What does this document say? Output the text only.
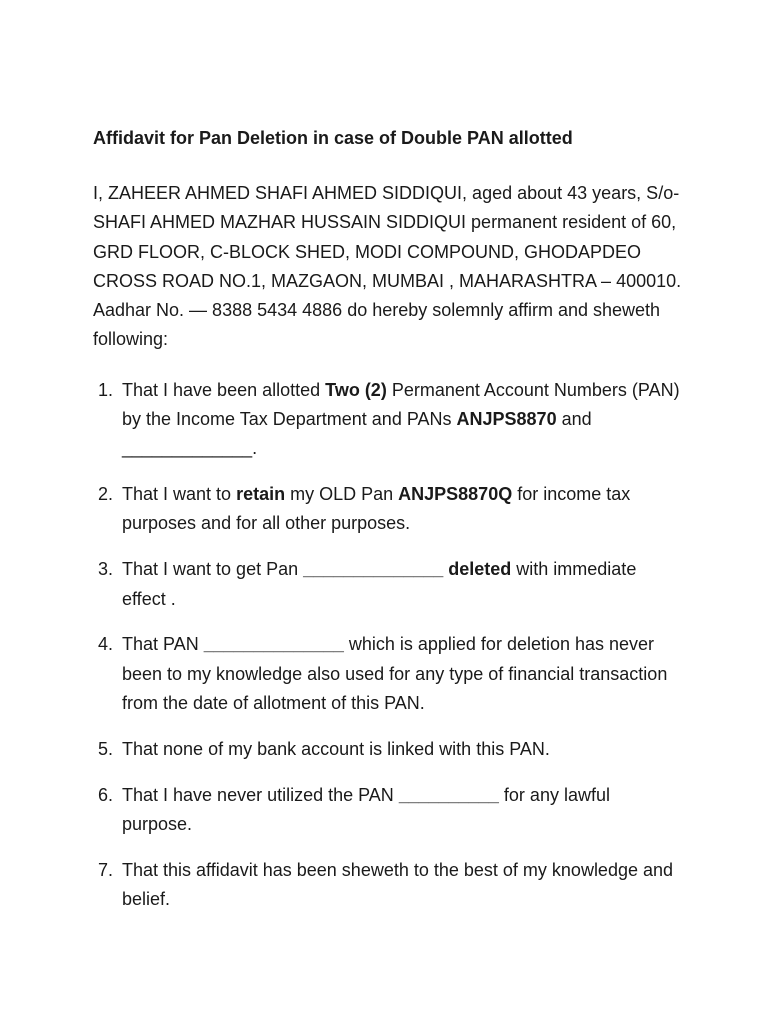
Affidavit for Pan Deletion in case of Double PAN allotted

I, ZAHEER AHMED SHAFI AHMED SIDDIQUI, aged about 43 years, S/o- SHAFI AHMED MAZHAR HUSSAIN SIDDIQUI permanent resident of 60, GRD FLOOR, C-BLOCK SHED, MODI COMPOUND, GHODAPDEO CROSS ROAD NO.1, MAZGAON, MUMBAI , MAHARASHTRA – 400010. Aadhar No. — 8388 5434 4886 do hereby solemnly affirm and sheweth following:

1. That I have been allotted Two (2) Permanent Account Numbers (PAN) by the Income Tax Department and PANs ANJPS8870 and _____________.
2. That I want to retain my OLD Pan ANJPS8870Q for income tax purposes and for all other purposes.
3. That I want to get Pan ______________ deleted with immediate effect .
4. That PAN ______________ which is applied for deletion has never been to my knowledge also used for any type of financial transaction from the date of allotment of this PAN.
5. That none of my bank account is linked with this PAN.
6. That I have never utilized the PAN __________ for any lawful purpose.
7. That this affidavit has been sheweth to the best of my knowledge and belief.
